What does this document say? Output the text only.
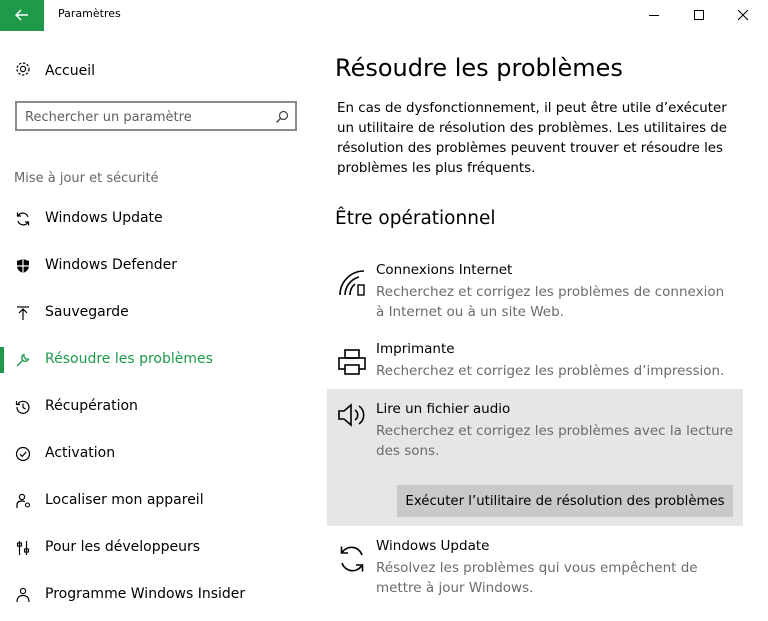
Paramètres
Accueil
Rechercher un paramètre
Mise à jour et sécurité
Windows Update
Windows Defender
Sauvegarde
Résoudre les problèmes
Récupération
Activation
Localiser mon appareil
Pour les développeurs
Programme Windows Insider
Résoudre les problèmes

En cas de dysfonctionnement, il peut être utile d’exécuter un utilitaire de résolution des problèmes. Les utilitaires de résolution des problèmes peuvent trouver et résoudre les problèmes les plus fréquents.

Être opérationnel
Connexions Internet
Recherchez et corrigez les problèmes de connexion à Internet ou à un site Web.
Imprimante
Recherchez et corrigez les problèmes d’impression.
Lire un fichier audio
Recherchez et corrigez les problèmes avec la lecture des sons.
Exécuter l’utilitaire de résolution des problèmes
Windows Update
Résolvez les problèmes qui vous empêchent de mettre à jour Windows.
